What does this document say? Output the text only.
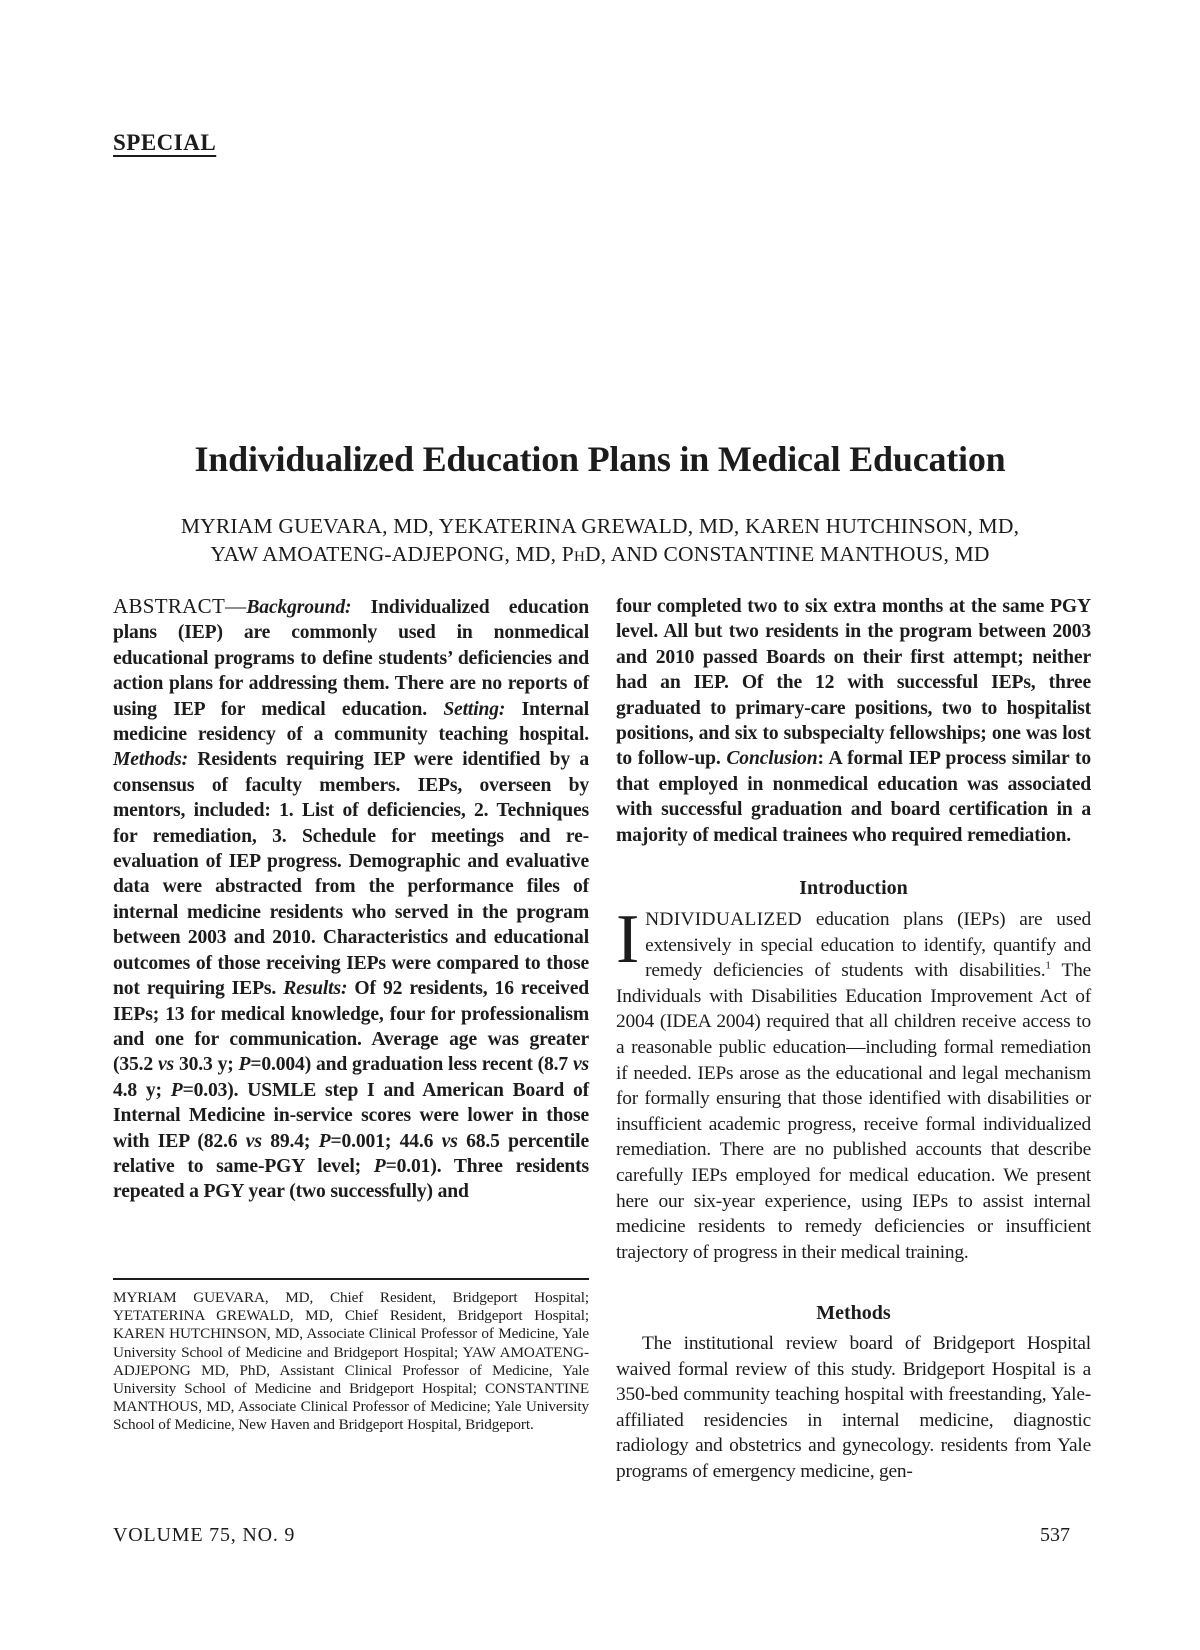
SPECIAL
Individualized Education Plans in Medical Education
MYRIAM GUEVARA, MD, YEKATERINA GREWALD, MD, KAREN HUTCHINSON, MD,
YAW AMOATENG-ADJEPONG, MD, PhD, AND CONSTANTINE MANTHOUS, MD
ABSTRACT—Background: Individualized education plans (IEP) are commonly used in nonmedical educational programs to define students’ deficiencies and action plans for addressing them. There are no reports of using IEP for medical education. Setting: Internal medicine residency of a community teaching hospital. Methods: Residents requiring IEP were identified by a consensus of faculty members. IEPs, overseen by mentors, included: 1. List of deficiencies, 2. Techniques for remediation, 3. Schedule for meetings and re-evaluation of IEP progress. Demographic and evaluative data were abstracted from the performance files of internal medicine residents who served in the program between 2003 and 2010. Characteristics and educational outcomes of those receiving IEPs were compared to those not requiring IEPs. Results: Of 92 residents, 16 received IEPs; 13 for medical knowledge, four for professionalism and one for communication. Average age was greater (35.2 vs 30.3 y; P=0.004) and graduation less recent (8.7 vs 4.8 y; P=0.03). USMLE step I and American Board of Internal Medicine in-service scores were lower in those with IEP (82.6 vs 89.4; P=0.001; 44.6 vs 68.5 percentile relative to same-PGY level; P=0.01). Three residents repeated a PGY year (two successfully) and
MYRIAM GUEVARA, MD, Chief Resident, Bridgeport Hospital; YETATERINA GREWALD, MD, Chief Resident, Bridgeport Hospital; KAREN HUTCHINSON, MD, Associate Clinical Professor of Medicine, Yale University School of Medicine and Bridgeport Hospital; YAW AMOATENG-ADJEPONG MD, PhD, Assistant Clinical Professor of Medicine, Yale University School of Medicine and Bridgeport Hospital; CONSTANTINE MANTHOUS, MD, Associate Clinical Professor of Medicine; Yale University School of Medicine, New Haven and Bridgeport Hospital, Bridgeport.
four completed two to six extra months at the same PGY level. All but two residents in the program between 2003 and 2010 passed Boards on their first attempt; neither had an IEP. Of the 12 with successful IEPs, three graduated to primary-care positions, two to hospitalist positions, and six to subspecialty fellowships; one was lost to follow-up. Conclusion: A formal IEP process similar to that employed in nonmedical education was associated with successful graduation and board certification in a majority of medical trainees who required remediation.
Introduction
INDIVIDUALIZED education plans (IEPs) are used extensively in special education to identify, quantify and remedy deficiencies of students with disabilities.$^1$ The Individuals with Disabilities Education Improvement Act of 2004 (IDEA 2004) required that all children receive access to a reasonable public education—including formal remediation if needed. IEPs arose as the educational and legal mechanism for formally ensuring that those identified with disabilities or insufficient academic progress, receive formal individualized remediation. There are no published accounts that describe carefully IEPs employed for medical education. We present here our six-year experience, using IEPs to assist internal medicine residents to remedy deficiencies or insufficient trajectory of progress in their medical training.
Methods
The institutional review board of Bridgeport Hospital waived formal review of this study. Bridgeport Hospital is a 350-bed community teaching hospital with freestanding, Yale-affiliated residencies in internal medicine, diagnostic radiology and obstetrics and gynecology. residents from Yale programs of emergency medicine, gen-
VOLUME 75, NO. 9	537
